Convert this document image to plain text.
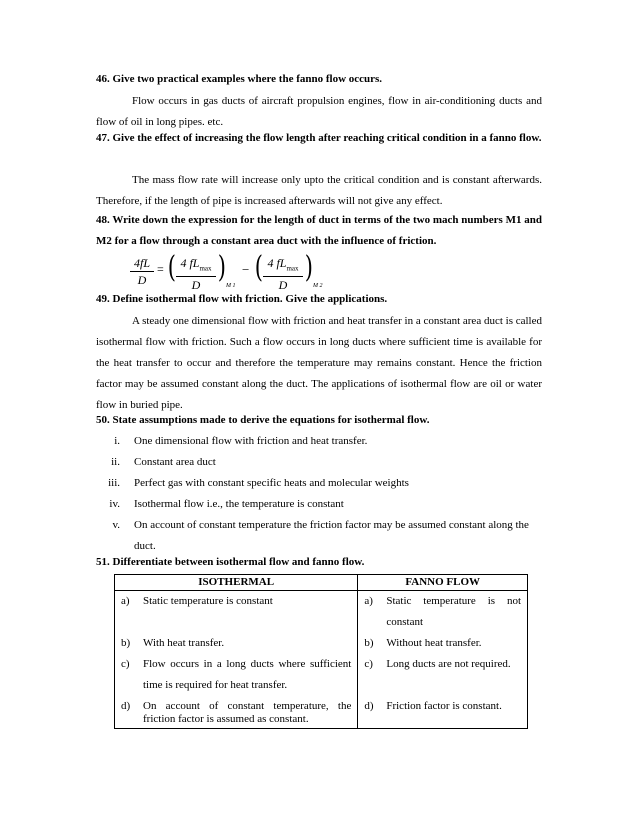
46. Give two practical examples where the fanno flow occurs.
Flow occurs in gas ducts of aircraft propulsion engines, flow in air-conditioning ducts and flow of oil in long pipes. etc.
47. Give the effect of increasing the flow length after reaching critical condition in a fanno flow.
The mass flow rate will increase only upto the critical condition and is constant afterwards. Therefore, if the length of pipe is increased afterwards will not give any effect.
48. Write down the expression for the length of duct in terms of the two mach numbers M1 and M2 for a flow through a constant area duct with the influence of friction.
4fL
D
= ( 4 $fL_{max}$
D
)
M 1
− ( 4 $fL_{max}$
D
)
M 2
49. Define isothermal flow with friction. Give the applications.
A steady one dimensional flow with friction and heat transfer in a constant area duct is called isothermal flow with friction. Such a flow occurs in long ducts where sufficient time is available for the heat transfer to occur and therefore the temperature may remains constant. Hence the friction factor may be assumed constant along the duct. The applications of isothermal flow are oil or water flow in buried pipe.
50. State assumptions made to derive the equations for isothermal flow.
i. One dimensional flow with friction and heat transfer.
ii. Constant area duct
iii. Perfect gas with constant specific heats and molecular weights
iv. Isothermal flow i.e., the temperature is constant
v. On account of constant temperature the friction factor may be assumed constant along the duct.
51. Differentiate between isothermal flow and fanno flow.
ISOTHERMAL	FANNO FLOW

a) Static temperature is constant	a) Static temperature is not constant

b) With heat transfer.	b) Without heat transfer.

c) Flow occurs in a long ducts where sufficient time is required for heat transfer.	c) Long ducts are not required.

d) On account of constant temperature, the friction factor is assumed as constant.	d) Friction factor is constant.
